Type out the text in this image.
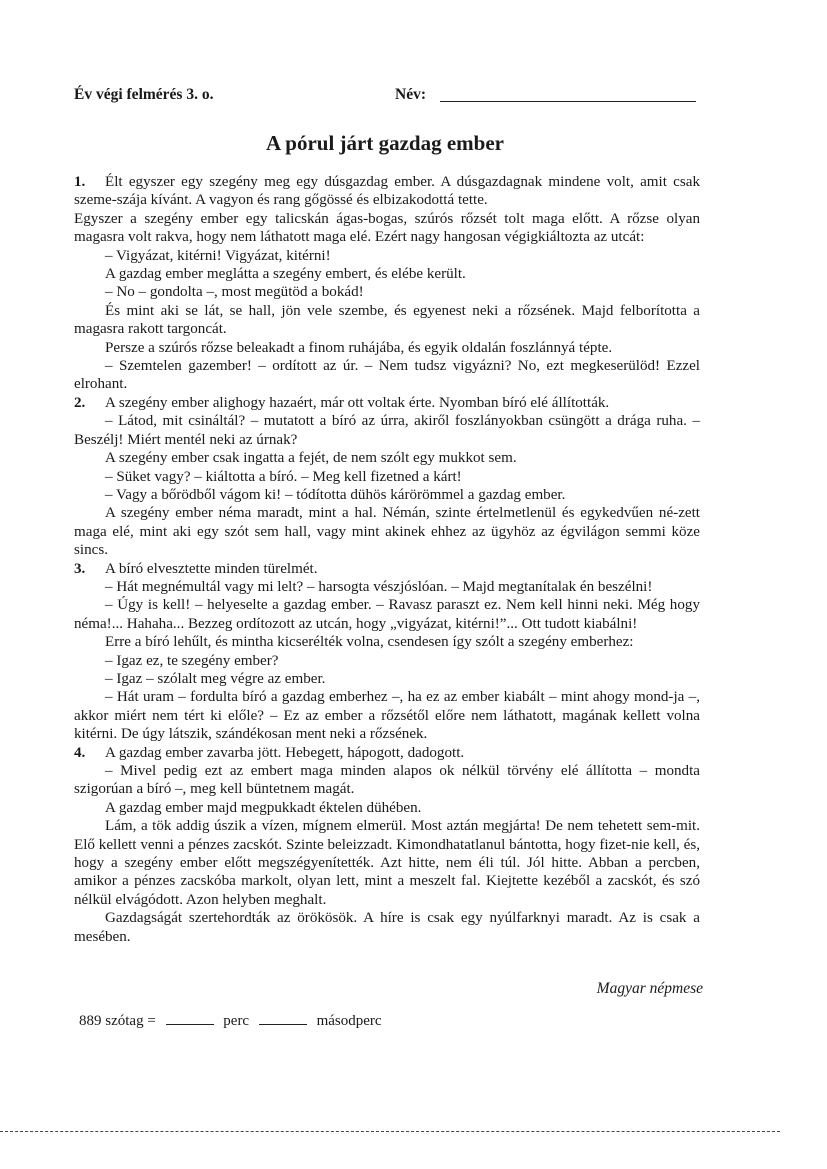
Év végi felmérés 3. o.	Név:
A pórul járt gazdag ember

1. Élt egyszer egy szegény meg egy dúsgazdag ember. A dúsgazdagnak mindene volt, amit csak szeme-szája kívánt. A vagyon és rang gőgössé és elbizakodottá tette.

Egyszer a szegény ember egy talicskán ágas-bogas, szúrós rőzsét tolt maga előtt. A rőzse olyan magasra volt rakva, hogy nem láthatott maga elé. Ezért nagy hangosan végigkiáltozta az utcát:

– Vigyázat, kitérni! Vigyázat, kitérni!

A gazdag ember meglátta a szegény embert, és elébe került.

– No – gondolta –, most megütöd a bokád!

És mint aki se lát, se hall, jön vele szembe, és egyenest neki a rőzsének. Majd felborította a magasra rakott targoncát.

Persze a szúrós rőzse beleakadt a finom ruhájába, és egyik oldalán foszlánnyá tépte.

– Szemtelen gazember! – ordított az úr. – Nem tudsz vigyázni? No, ezt megkeserülöd! Ezzel elrohant.

2. A szegény ember alighogy hazaért, már ott voltak érte. Nyomban bíró elé állították.

– Látod, mit csináltál? – mutatott a bíró az úrra, akiről foszlányokban csüngött a drága ruha. – Beszélj! Miért mentél neki az úrnak?

A szegény ember csak ingatta a fejét, de nem szólt egy mukkot sem.

– Süket vagy? – kiáltotta a bíró. – Meg kell fizetned a kárt!

– Vagy a bőrödből vágom ki! – tódította dühös kárörömmel a gazdag ember.

A szegény ember néma maradt, mint a hal. Némán, szinte értelmetlenül és egykedvűen né-zett maga elé, mint aki egy szót sem hall, vagy mint akinek ehhez az ügyhöz az égvilágon semmi köze sincs.

3. A bíró elvesztette minden türelmét.

– Hát megnémultál vagy mi lelt? – harsogta vészjóslóan. – Majd megtanítalak én beszélni!

– Úgy is kell! – helyeselte a gazdag ember. – Ravasz paraszt ez. Nem kell hinni neki. Még hogy néma!... Hahaha... Bezzeg ordítozott az utcán, hogy „vigyázat, kitérni!”... Ott tudott kiabálni!

Erre a bíró lehűlt, és mintha kicserélték volna, csendesen így szólt a szegény emberhez:

– Igaz ez, te szegény ember?

– Igaz – szólalt meg végre az ember.

– Hát uram – fordulta bíró a gazdag emberhez –, ha ez az ember kiabált – mint ahogy mond-ja –, akkor miért nem tért ki előle? – Ez az ember a rőzsétől előre nem láthatott, magának kellett volna kitérni. De úgy látszik, szándékosan ment neki a rőzsének.

4. A gazdag ember zavarba jött. Hebegett, hápogott, dadogott.

– Mivel pedig ezt az embert maga minden alapos ok nélkül törvény elé állította – mondta szigorúan a bíró –, meg kell büntetnem magát.

A gazdag ember majd megpukkadt éktelen dühében.

Lám, a tök addig úszik a vízen, mígnem elmerül. Most aztán megjárta! De nem tehetett sem-mit. Elő kellett venni a pénzes zacskót. Szinte beleizzadt. Kimondhatatlanul bántotta, hogy fizet-nie kell, és, hogy a szegény ember előtt megszégyenítették. Azt hitte, nem éli túl. Jól hitte. Abban a percben, amikor a pénzes zacskóba markolt, olyan lett, mint a meszelt fal. Kiejtette kezéből a zacskót, és szó nélkül elvágódott. Azon helyben meghalt.

Gazdagságát szertehordták az örökösök. A híre is csak egy nyúlfarknyi maradt. Az is csak a mesében.

Magyar népmese
889 szótag =	perc	másodperc
